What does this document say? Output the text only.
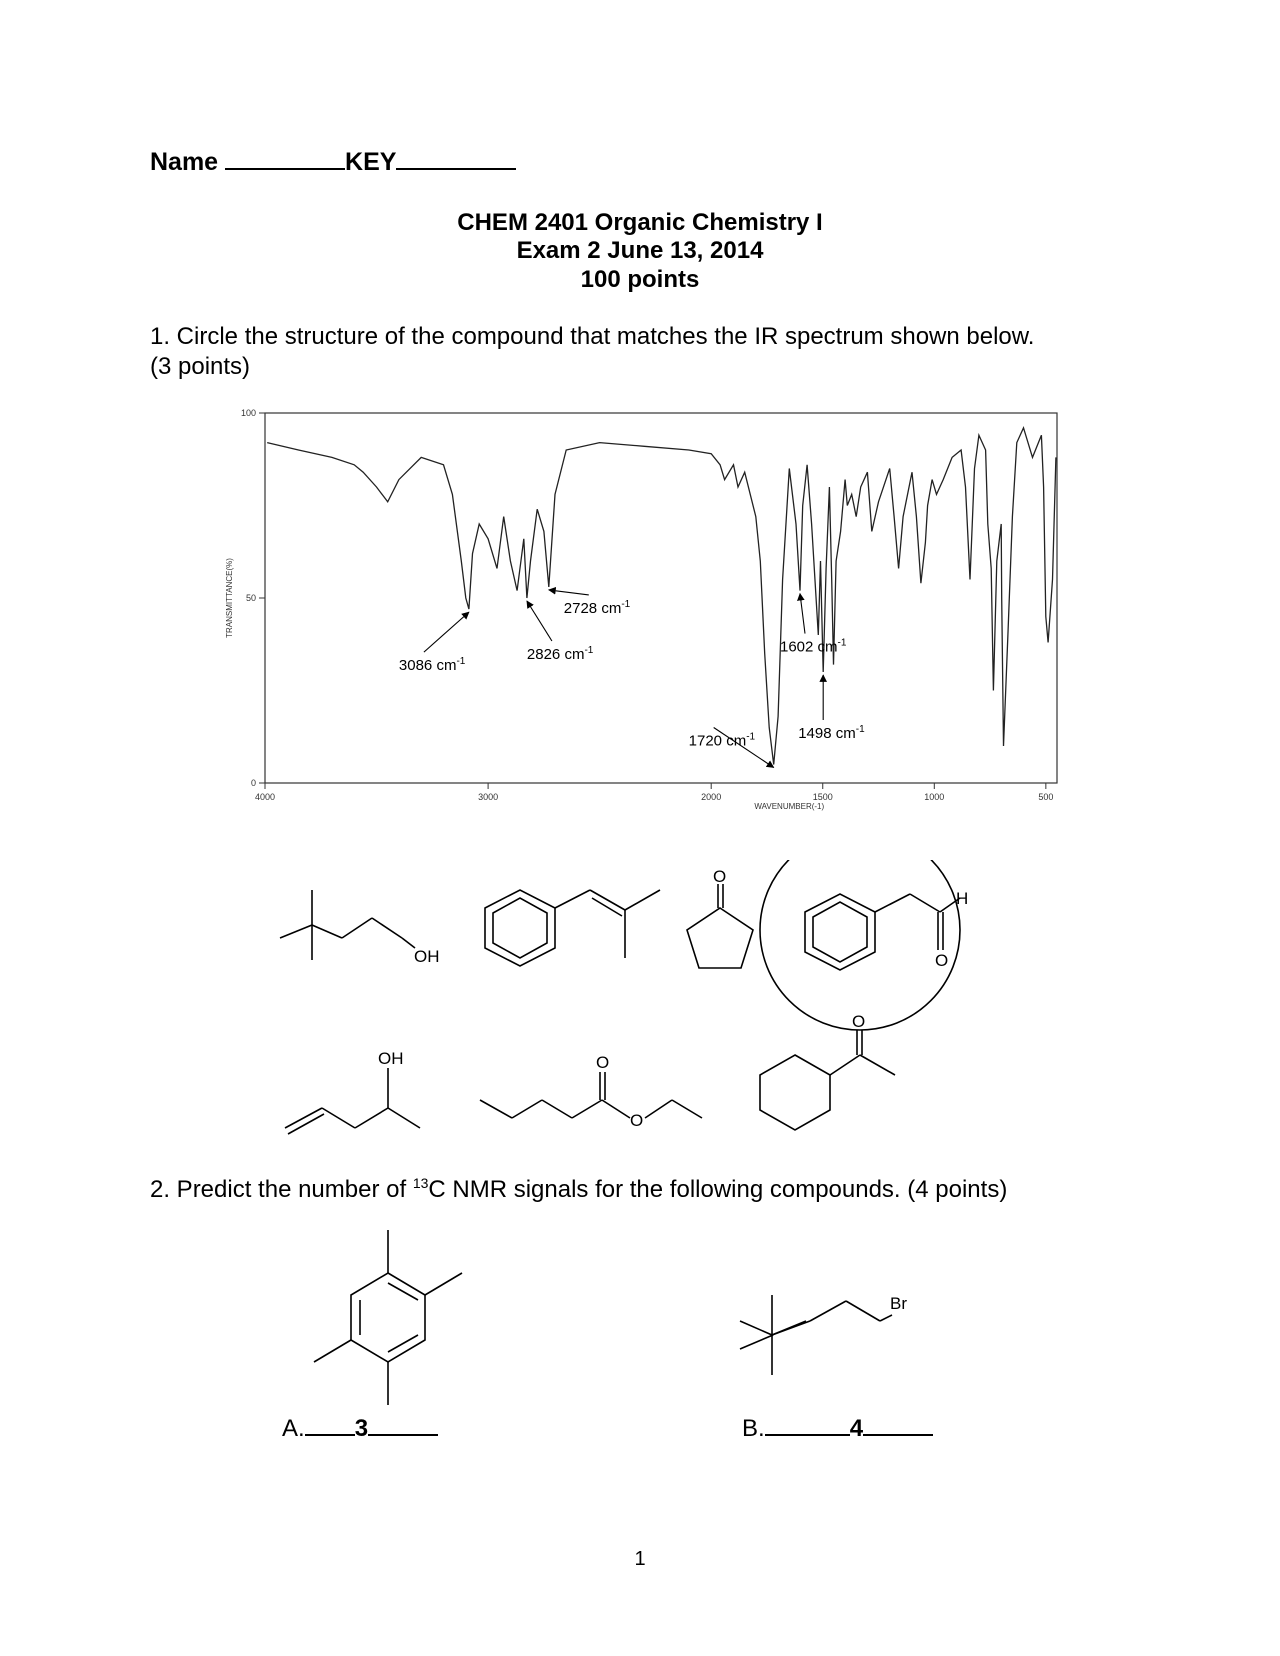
Name	KEY
CHEM 2401 Organic Chemistry I
Exam 2 June 13, 2014
100 points
1. Circle the structure of the compound that matches the IR spectrum shown below.
(3 points)
4000	3000	2000	1500	1000	500
100
50
0
WAVENUMBER(-1)
TRANSMITTANCE(%)
3086 $cm^{-1}$	2826 $cm^{-1}$
2728 $cm^{-1}$
1720 $cm^{-1}$
1602 $cm^{-1}$
1498 $cm^{-1}$
OH
O
H
O
OH	O
O
O
2. Predict the number of $^{13}$C NMR signals for the following compounds. (4 points)
Br
A. 3	B.	4
1
